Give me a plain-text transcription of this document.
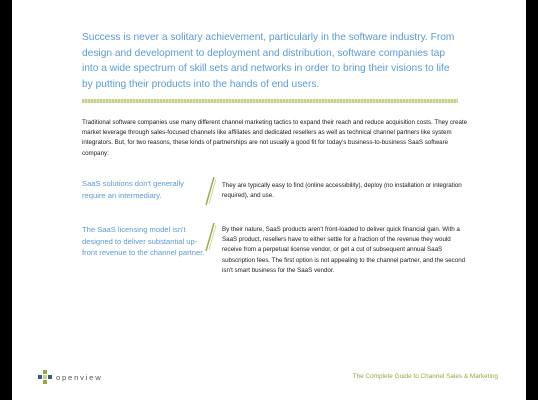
Success is never a solitary achievement, particularly in the software industry. From design and development to deployment and distribution, software companies tap into a wide spectrum of skill sets and networks in order to bring their visions to life by putting their products into the hands of end users.
Traditional software companies use many different channel marketing tactics to expand their reach and reduce acquisition costs. They create market leverage through sales-focused channels like affiliates and dedicated resellers as well as technical channel partners like system integrators. But, for two reasons, these kinds of partnerships are not usually a good fit for today's business-to-business SaaS software company:
SaaS solutions don't generally require an intermediary.
They are typically easy to find (online accessibility), deploy (no installation or integration required), and use.
The SaaS licensing model isn't designed to deliver substantial up-front revenue to the channel partner.
By their nature, SaaS products aren't front-loaded to deliver quick financial gain. With a SaaS product, resellers have to either settle for a fraction of the revenue they would receive from a perpetual license vendor, or get a cut of subsequent annual SaaS subscription fees. The first option is not appealing to the channel partner, and the second isn't smart business for the SaaS vendor.
openview	The Complete Guide to Channel Sales & Marketing
